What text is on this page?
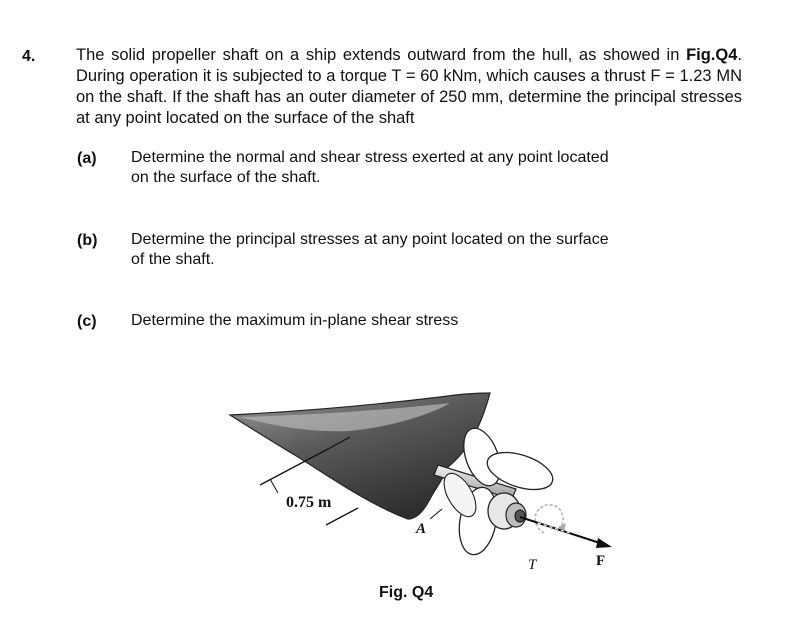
4. The solid propeller shaft on a ship extends outward from the hull, as showed in Fig.Q4. During operation it is subjected to a torque T = 60 kNm, which causes a thrust F = 1.23 MN on the shaft. If the shaft has an outer diameter of 250 mm, determine the principal stresses at any point located on the surface of the shaft
(a) Determine the normal and shear stress exerted at any point located on the surface of the shaft.
(b) Determine the principal stresses at any point located on the surface of the shaft.
(c) Determine the maximum in-plane shear stress
0.75 m
A
T	F
Fig. Q4
